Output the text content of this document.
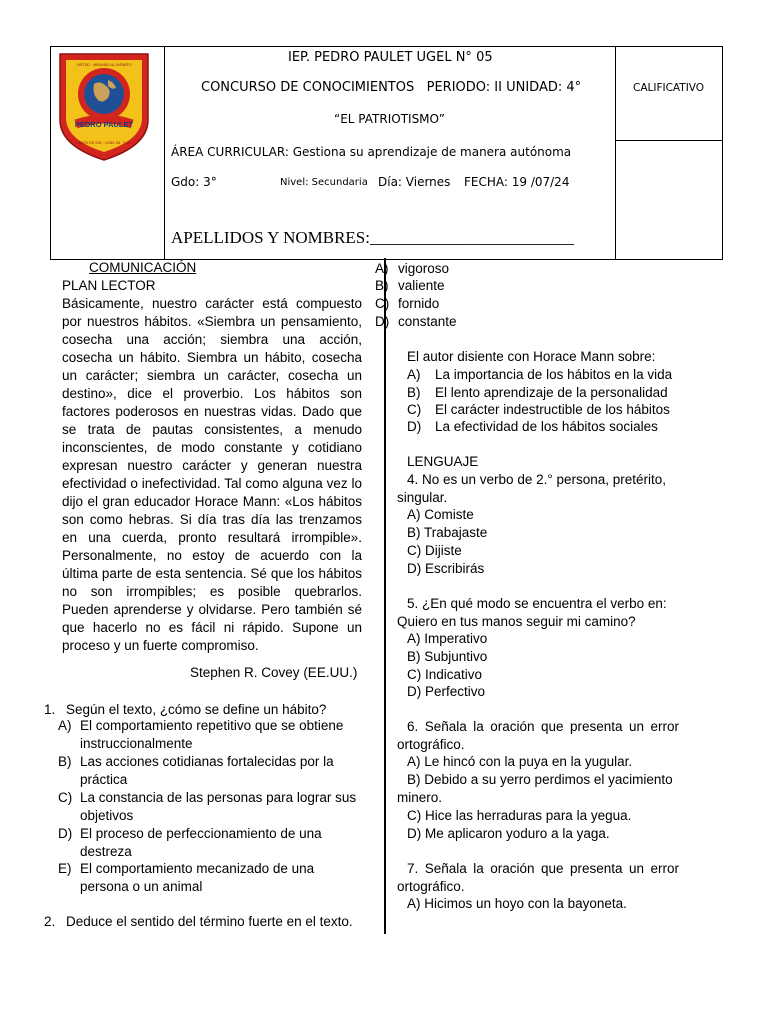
PEDRO PAULET
CANTO DE SOL · UGEL 05 · S.J.L.
VIRTUD · MIRANDO AL INFINITO	IEP. PEDRO PAULET UGEL N° 05
CONCURSO DE CONOCIMIENTOS   PERIODO: II UNIDAD: 4°
“EL PATRIOTISMO”
ÁREA CURRICULAR: Gestiona su aprendizaje de manera autónoma
Gdo: 3°	Nivel: Secundaria Día: Viernes FECHA: 19 /07/24
APELLIDOS Y NOMBRES:________________________
CALIFICATIVO
COMUNICACIÓN
PLAN LECTOR
Básicamente, nuestro carácter está compuesto por nuestros hábitos. «Siembra un pensamiento, cosecha una acción; siembra una acción, cosecha un hábito. Siembra un hábito, cosecha un carácter; siembra un carácter, cosecha un destino», dice el proverbio. Los hábitos son factores poderosos en nuestras vidas. Dado que se trata de pautas consistentes, a menudo inconscientes, de modo constante y cotidiano expresan nuestro carácter y generan nuestra efectividad o inefectividad. Tal como alguna vez lo dijo el gran educador Horace Mann: «Los hábitos son como hebras. Si día tras día las trenzamos en una cuerda, pronto resultará irrompible». Personalmente, no estoy de acuerdo con la última parte de esta sentencia. Sé que los hábitos no son irrompibles; es posible quebrarlos. Pueden aprenderse y olvidarse. Pero también sé que hacerlo no es fácil ni rápido. Supone un proceso y un fuerte compromiso.
Stephen R. Covey (EE.UU.)
1. Según el texto, ¿cómo se define un hábito?
A) El comportamiento repetitivo que se obtiene instruccionalmente
B) Las acciones cotidianas fortalecidas por la práctica
C) La constancia de las personas para lograr sus objetivos
D) El proceso de perfeccionamiento de una destreza
E) El comportamiento mecanizado de una persona o un animal
2. Deduce el sentido del término fuerte en el texto.
A) vigoroso
B) valiente
C) fornido
D) constante
El autor disiente con Horace Mann sobre:
A) La importancia de los hábitos en la vida
B) El lento aprendizaje de la personalidad
C) El carácter indestructible de los hábitos
D) La efectividad de los hábitos sociales
LENGUAJE
4. No es un verbo de 2.° persona, pretérito, singular.
A) Comiste
B) Trabajaste
C) Dijiste
D) Escribirás
5. ¿En qué modo se encuentra el verbo en: Quiero en tus manos seguir mi camino?
A) Imperativo
B) Subjuntivo
C) Indicativo
D) Perfectivo
6. Señala la oración que presenta un error ortográfico.
A) Le hincó con la puya en la yugular.
B) Debido a su yerro perdimos el yacimiento minero.
C) Hice las herraduras para la yegua.
D) Me aplicaron yoduro a la yaga.
7. Señala la oración que presenta un error ortográfico.
A) Hicimos un hoyo con la bayoneta.
